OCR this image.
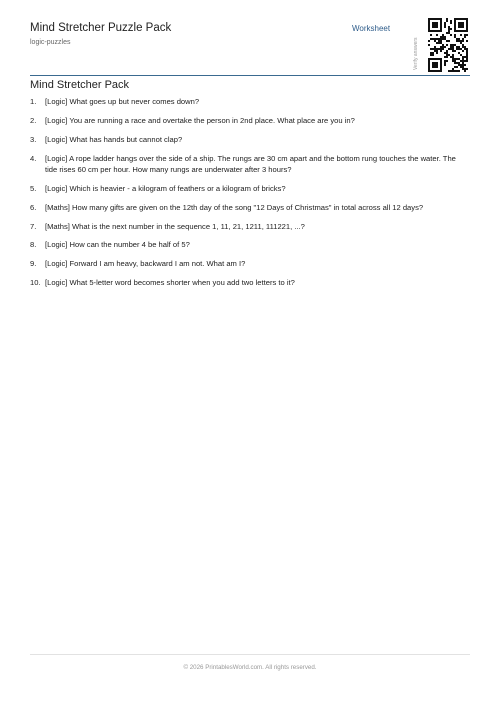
Mind Stretcher Puzzle Pack
logic-puzzles
Worksheet
Verify answers
Mind Stretcher Pack
1. [Logic] What goes up but never comes down?
2. [Logic] You are running a race and overtake the person in 2nd place. What place are you in?
3. [Logic] What has hands but cannot clap?
4. [Logic] A rope ladder hangs over the side of a ship. The rungs are 30 cm apart and the bottom rung touches the water. The tide rises 60 cm per hour. How many rungs are underwater after 3 hours?
5. [Logic] Which is heavier - a kilogram of feathers or a kilogram of bricks?
6. [Maths] How many gifts are given on the 12th day of the song "12 Days of Christmas" in total across all 12 days?
7. [Maths] What is the next number in the sequence 1, 11, 21, 1211, 111221, ...?
8. [Logic] How can the number 4 be half of 5?
9. [Logic] Forward I am heavy, backward I am not. What am I?
10. [Logic] What 5-letter word becomes shorter when you add two letters to it?
© 2026 PrintablesWorld.com. All rights reserved.
